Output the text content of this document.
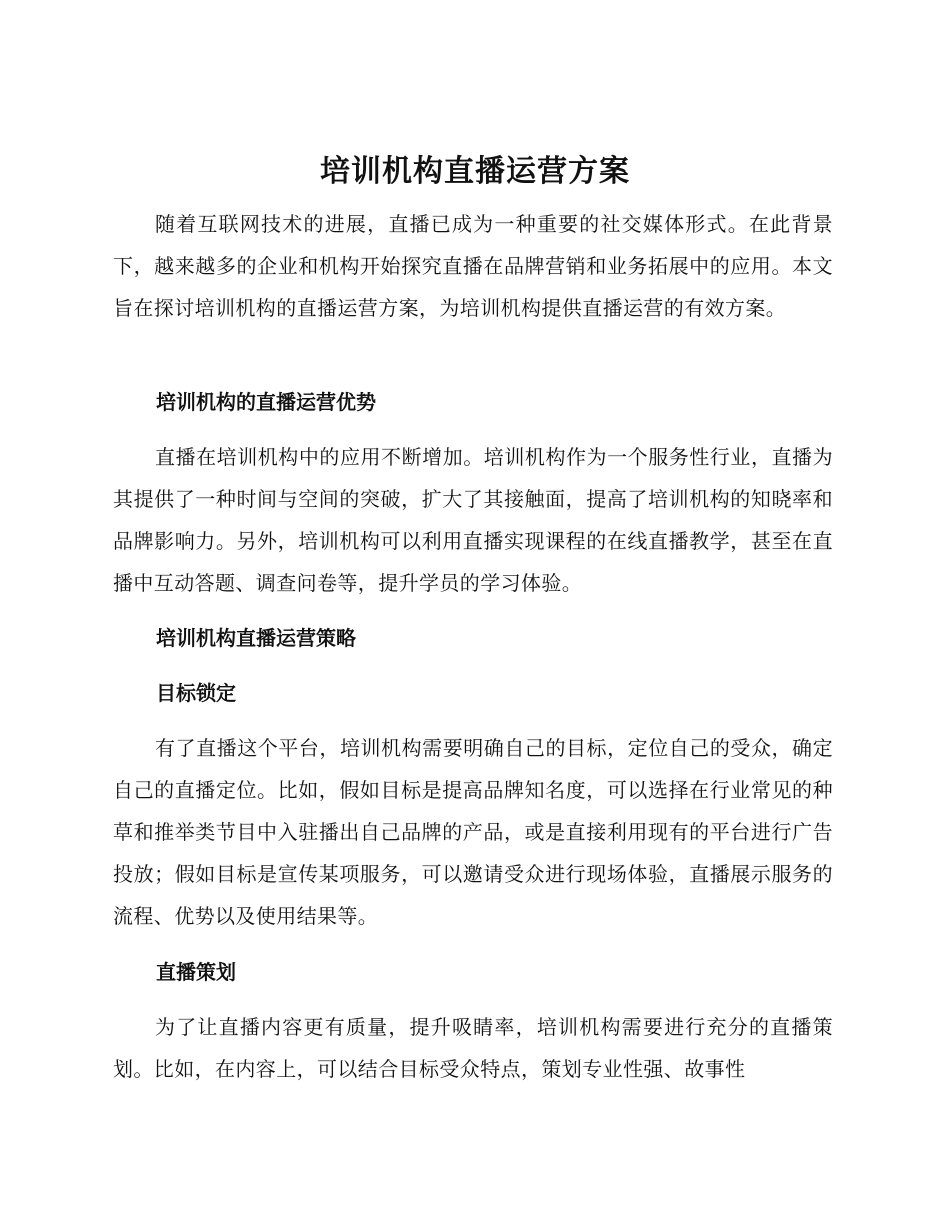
培训机构直播运营方案
随着互联网技术的进展，直播已成为一种重要的社交媒体形式。在此背景下，越来越多的企业和机构开始探究直播在品牌营销和业务拓展中的应用。本文旨在探讨培训机构的直播运营方案，为培训机构提供直播运营的有效方案。
培训机构的直播运营优势
直播在培训机构中的应用不断增加。培训机构作为一个服务性行业，直播为其提供了一种时间与空间的突破，扩大了其接触面，提高了培训机构的知晓率和品牌影响力。另外，培训机构可以利用直播实现课程的在线直播教学，甚至在直播中互动答题、调查问卷等，提升学员的学习体验。
培训机构直播运营策略
目标锁定
有了直播这个平台，培训机构需要明确自己的目标，定位自己的受众，确定自己的直播定位。比如，假如目标是提高品牌知名度，可以选择在行业常见的种草和推举类节目中入驻播出自己品牌的产品，或是直接利用现有的平台进行广告投放；假如目标是宣传某项服务，可以邀请受众进行现场体验，直播展示服务的流程、优势以及使用结果等。
直播策划
为了让直播内容更有质量，提升吸睛率，培训机构需要进行充分的直播策划。比如，在内容上，可以结合目标受众特点，策划专业性强、故事性
